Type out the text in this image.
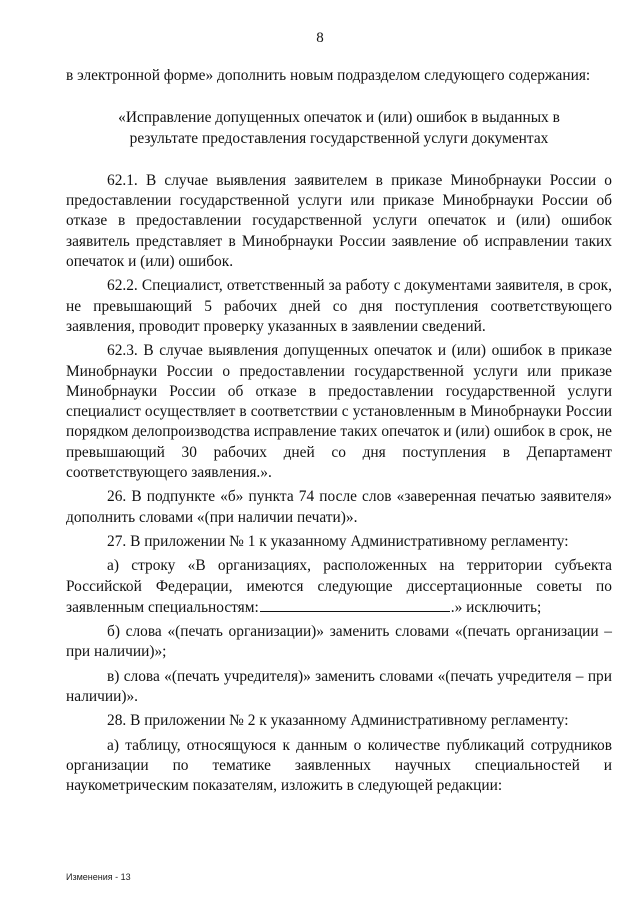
8

в электронной форме» дополнить новым подразделом следующего содержания:

«Исправление допущенных опечаток и (или) ошибок в выданных в результате предоставления государственной услуги документах

62.1. В случае выявления заявителем в приказе Минобрнауки России о предоставлении государственной услуги или приказе Минобрнауки России об отказе в предоставлении государственной услуги опечаток и (или) ошибок заявитель представляет в Минобрнауки России заявление об исправлении таких опечаток и (или) ошибок.

62.2. Специалист, ответственный за работу с документами заявителя, в срок, не превышающий 5 рабочих дней со дня поступления соответствующего заявления, проводит проверку указанных в заявлении сведений.

62.3. В случае выявления допущенных опечаток и (или) ошибок в приказе Минобрнауки России о предоставлении государственной услуги или приказе Минобрнауки России об отказе в предоставлении государственной услуги специалист осуществляет в соответствии с установленным в Минобрнауки России порядком делопроизводства исправление таких опечаток и (или) ошибок в срок, не превышающий 30 рабочих дней со дня поступления в Департамент соответствующего заявления.».

26. В подпункте «б» пункта 74 после слов «заверенная печатью заявителя» дополнить словами «(при наличии печати)».

27. В приложении № 1 к указанному Административному регламенту:

а) строку «В организациях, расположенных на территории субъекта Российской Федерации, имеются следующие диссертационные советы по заявленным специальностям:	.» исключить;

б) слова «(печать организации)» заменить словами «(печать организации – при наличии)»;

в) слова «(печать учредителя)» заменить словами «(печать учредителя – при наличии)».

28. В приложении № 2 к указанному Административному регламенту:

а) таблицу, относящуюся к данным о количестве публикаций сотрудников организации по тематике заявленных научных специальностей и наукометрическим показателям, изложить в следующей редакции:

Изменения - 13
